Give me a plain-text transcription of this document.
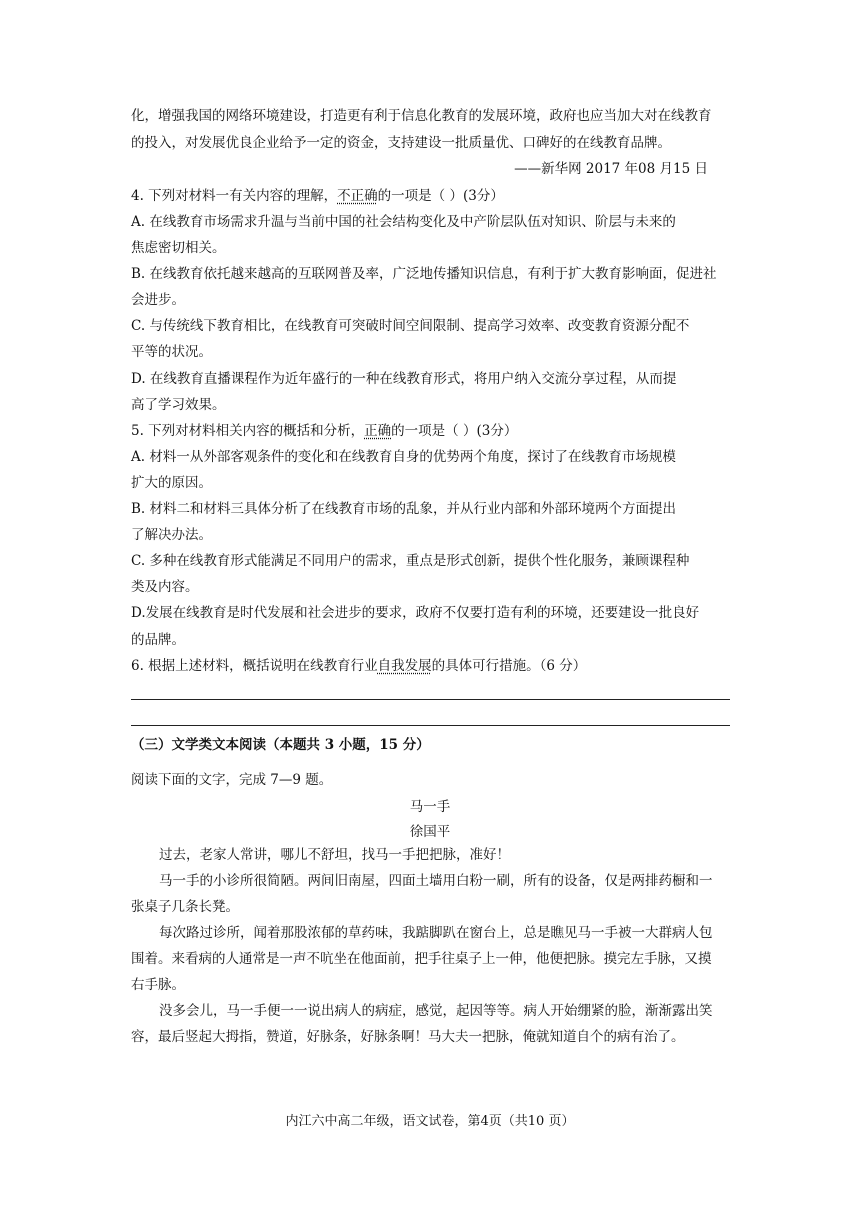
化，增强我国的网络环境建设，打造更有利于信息化教育的发展环境，政府也应当加大对在线教育
的投入，对发展优良企业给予一定的资金，支持建设一批质量优、口碑好的在线教育品牌。
——新华网 2017 年08 月15 日
4. 下列对材料一有关内容的理解，不正确的一项是（ ）(3分）
A. 在线教育市场需求升温与当前中国的社会结构变化及中产阶层队伍对知识、阶层与未来的
焦虑密切相关。
B. 在线教育依托越来越高的互联网普及率，广泛地传播知识信息，有利于扩大教育影响面，促进社
会进步。
C. 与传统线下教育相比，在线教育可突破时间空间限制、提高学习效率、改变教育资源分配不
平等的状况。
D. 在线教育直播课程作为近年盛行的一种在线教育形式，将用户纳入交流分享过程，从而提
高了学习效果。
5. 下列对材料相关内容的概括和分析，正确的一项是（ ）(3分）
A. 材料一从外部客观条件的变化和在线教育自身的优势两个角度，探讨了在线教育市场规模
扩大的原因。
B. 材料二和材料三具体分析了在线教育市场的乱象，并从行业内部和外部环境两个方面提出
了解决办法。
C. 多种在线教育形式能满足不同用户的需求，重点是形式创新，提供个性化服务，兼顾课程种
类及内容。
D.发展在线教育是时代发展和社会进步的要求，政府不仅要打造有利的环境，还要建设一批良好
的品牌。
6. 根据上述材料，概括说明在线教育行业自我发展的具体可行措施。（6 分）
（三）文学类文本阅读（本题共 3 小题，15 分）
阅读下面的文字，完成 7—9 题。
马一手
徐国平
过去，老家人常讲，哪儿不舒坦，找马一手把把脉，准好！
马一手的小诊所很简陋。两间旧南屋，四面土墙用白粉一刷，所有的设备，仅是两排药橱和一
张桌子几条长凳。
每次路过诊所，闻着那股浓郁的草药味，我踮脚趴在窗台上，总是瞧见马一手被一大群病人包
围着。来看病的人通常是一声不吭坐在他面前，把手往桌子上一伸，他便把脉。摸完左手脉，又摸
右手脉。
没多会儿，马一手便一一说出病人的病症，感觉，起因等等。病人开始绷紧的脸，渐渐露出笑
容，最后竖起大拇指，赞道，好脉条，好脉条啊！马大夫一把脉，俺就知道自个的病有治了。
内江六中高二年级，语文试卷，第4页（共10 页）
